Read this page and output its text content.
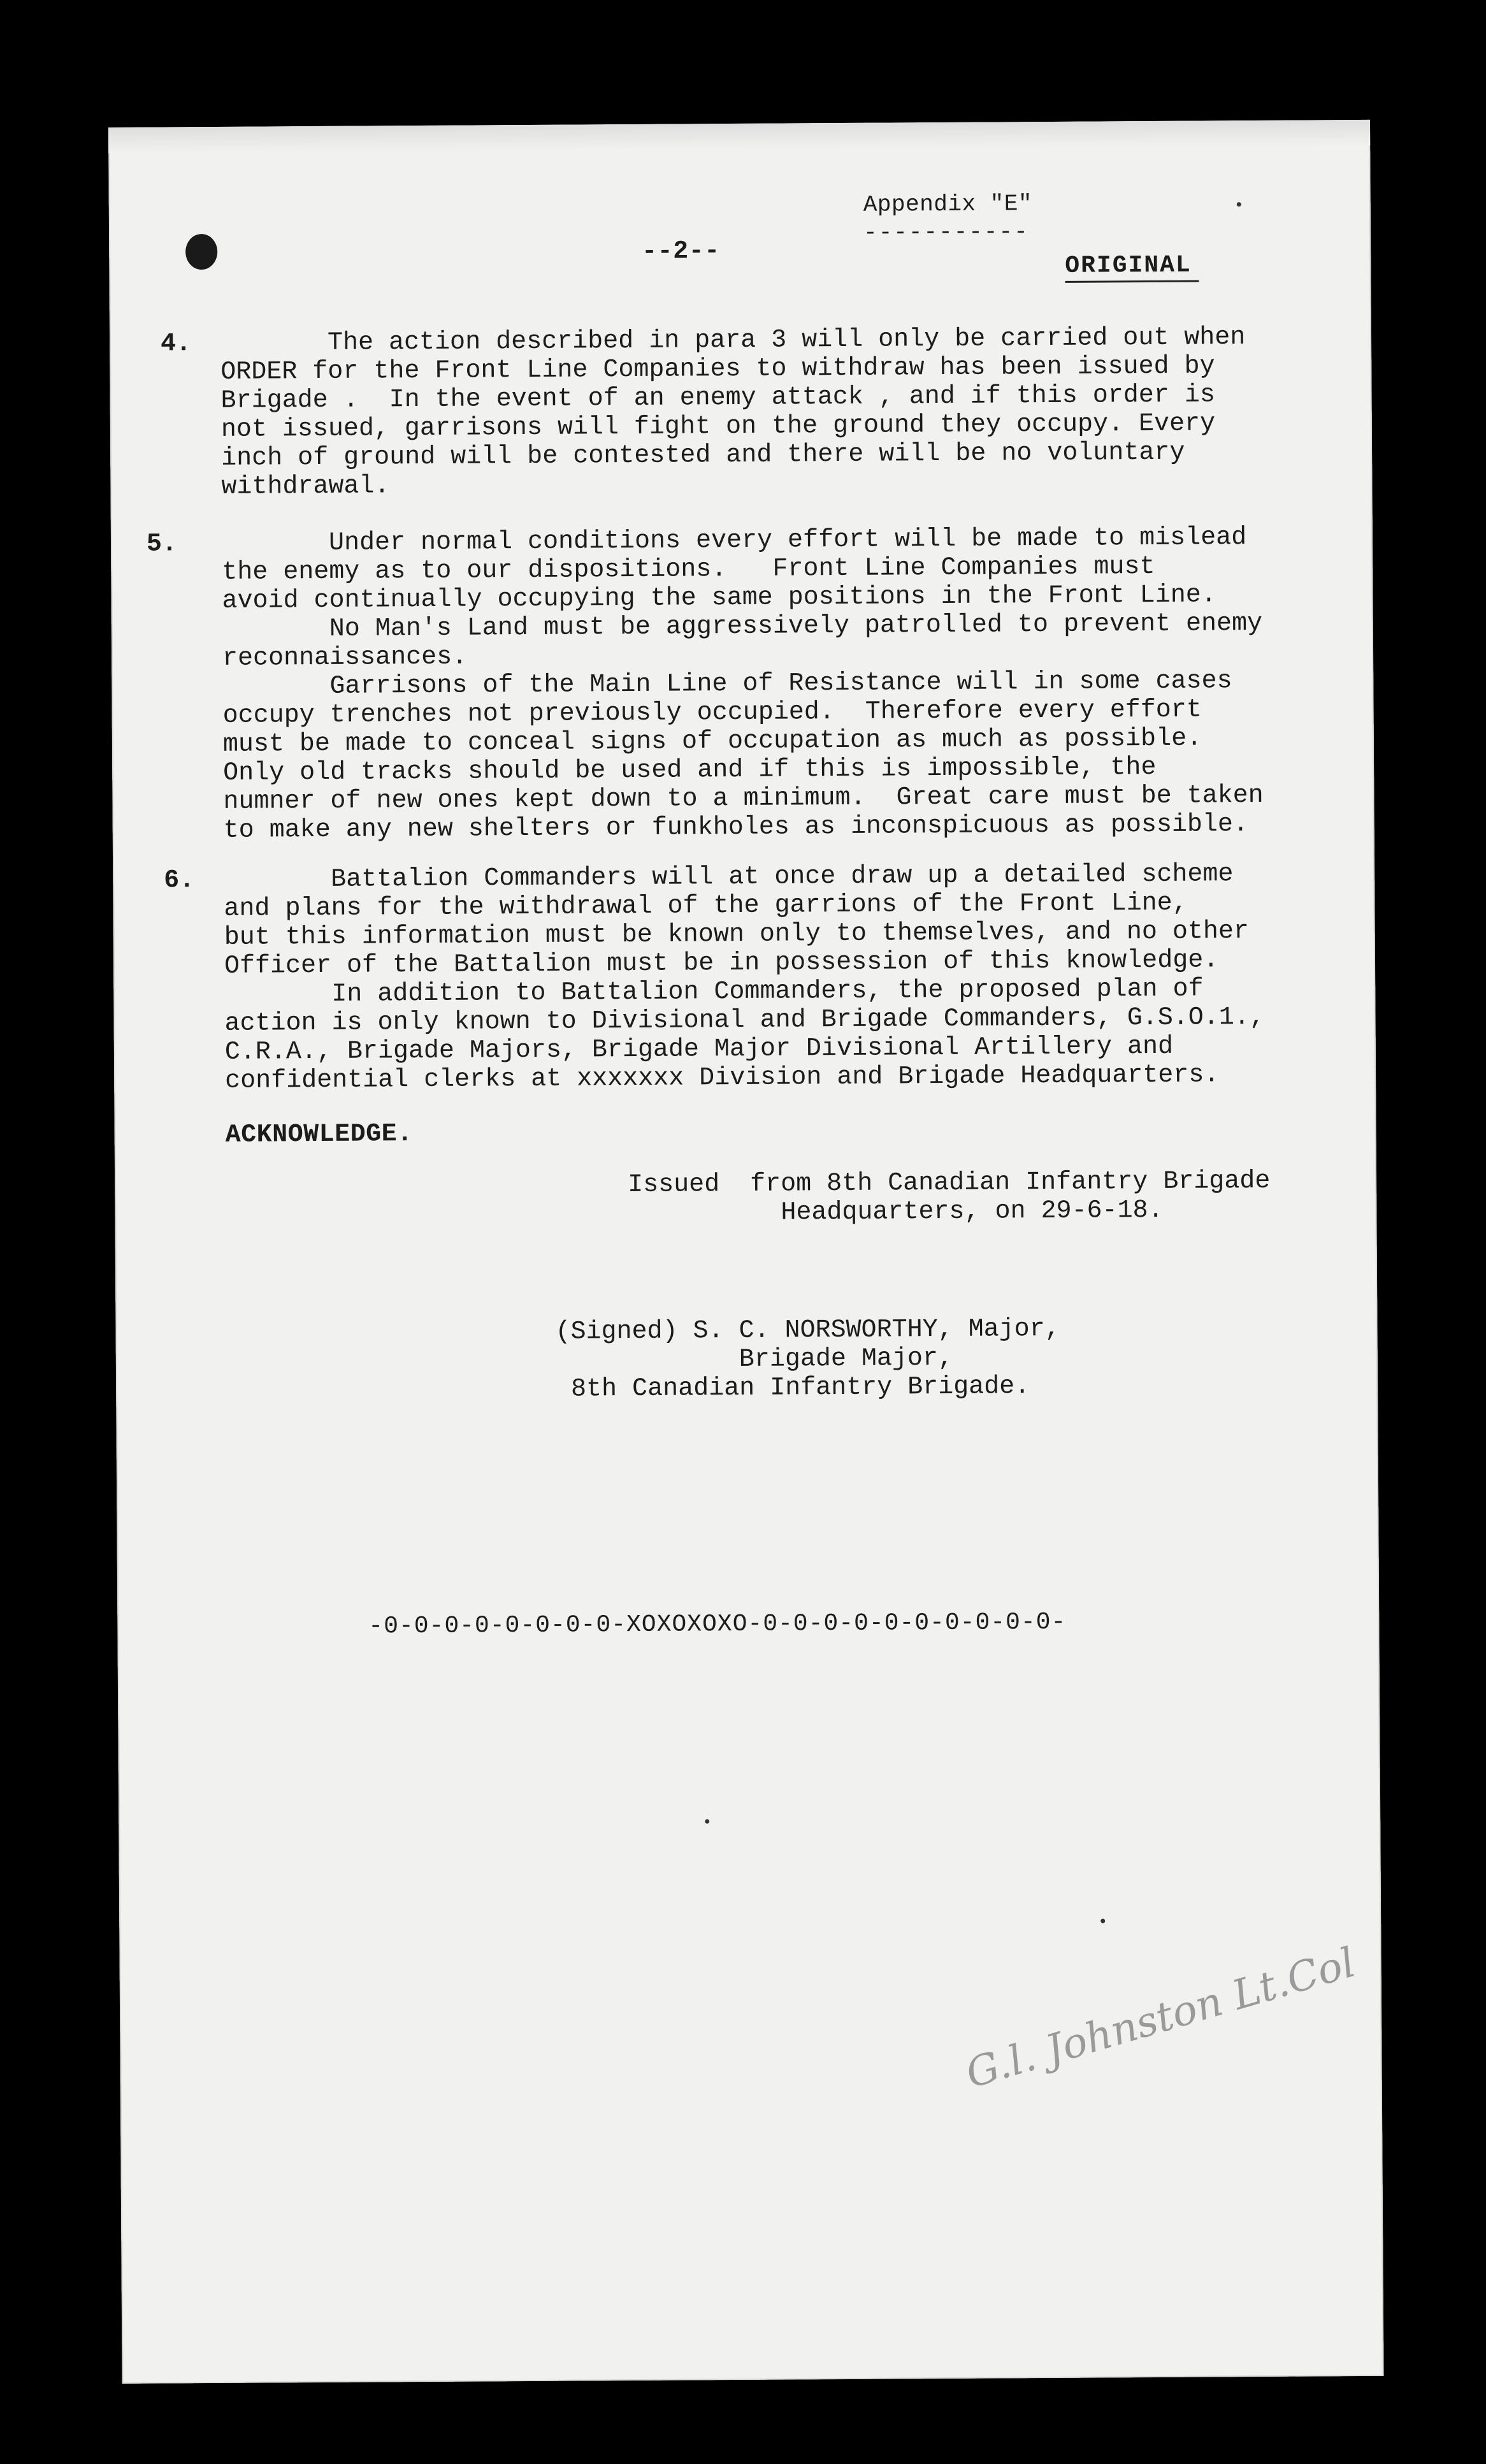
Appendix "E"
-----------
--2--	ORIGINAL
4. The action described in para 3 will only be carried out when
ORDER for the Front Line Companies to withdraw has been issued by
Brigade .  In the event of an enemy attack , and if this order is
not issued, garrisons will fight on the ground they occupy. Every
inch of ground will be contested and there will be no voluntary
withdrawal.
5. Under normal conditions every effort will be made to mislead
the enemy as to our dispositions.   Front Line Companies must
avoid continually occupying the same positions in the Front Line.
No Man's Land must be aggressively patrolled to prevent enemy
reconnaissances.
Garrisons of the Main Line of Resistance will in some cases
occupy trenches not previously occupied.  Therefore every effort
must be made to conceal signs of occupation as much as possible.
Only old tracks should be used and if this is impossible, the
numner of new ones kept down to a minimum.  Great care must be taken
to make any new shelters or funkholes as inconspicuous as possible.
6. Battalion Commanders will at once draw up a detailed scheme
and plans for the withdrawal of the garrions of the Front Line,
but this information must be known only to themselves, and no other
Officer of the Battalion must be in possession of this knowledge.
In addition to Battalion Commanders, the proposed plan of
action is only known to Divisional and Brigade Commanders, G.S.O.1.,
C.R.A., Brigade Majors, Brigade Major Divisional Artillery and
confidential clerks at xxxxxxx Division and Brigade Headquarters.
ACKNOWLEDGE.
Issued  from 8th Canadian Infantry Brigade
Headquarters, on 29-6-18.
(Signed) S. C. NORSWORTHY, Major,
Brigade Major,
8th Canadian Infantry Brigade.
-0-0-0-0-0-0-0-0-XOXOXOXO-0-0-0-0-0-0-0-0-0-0-
G.l. Johnston Lt.Col
